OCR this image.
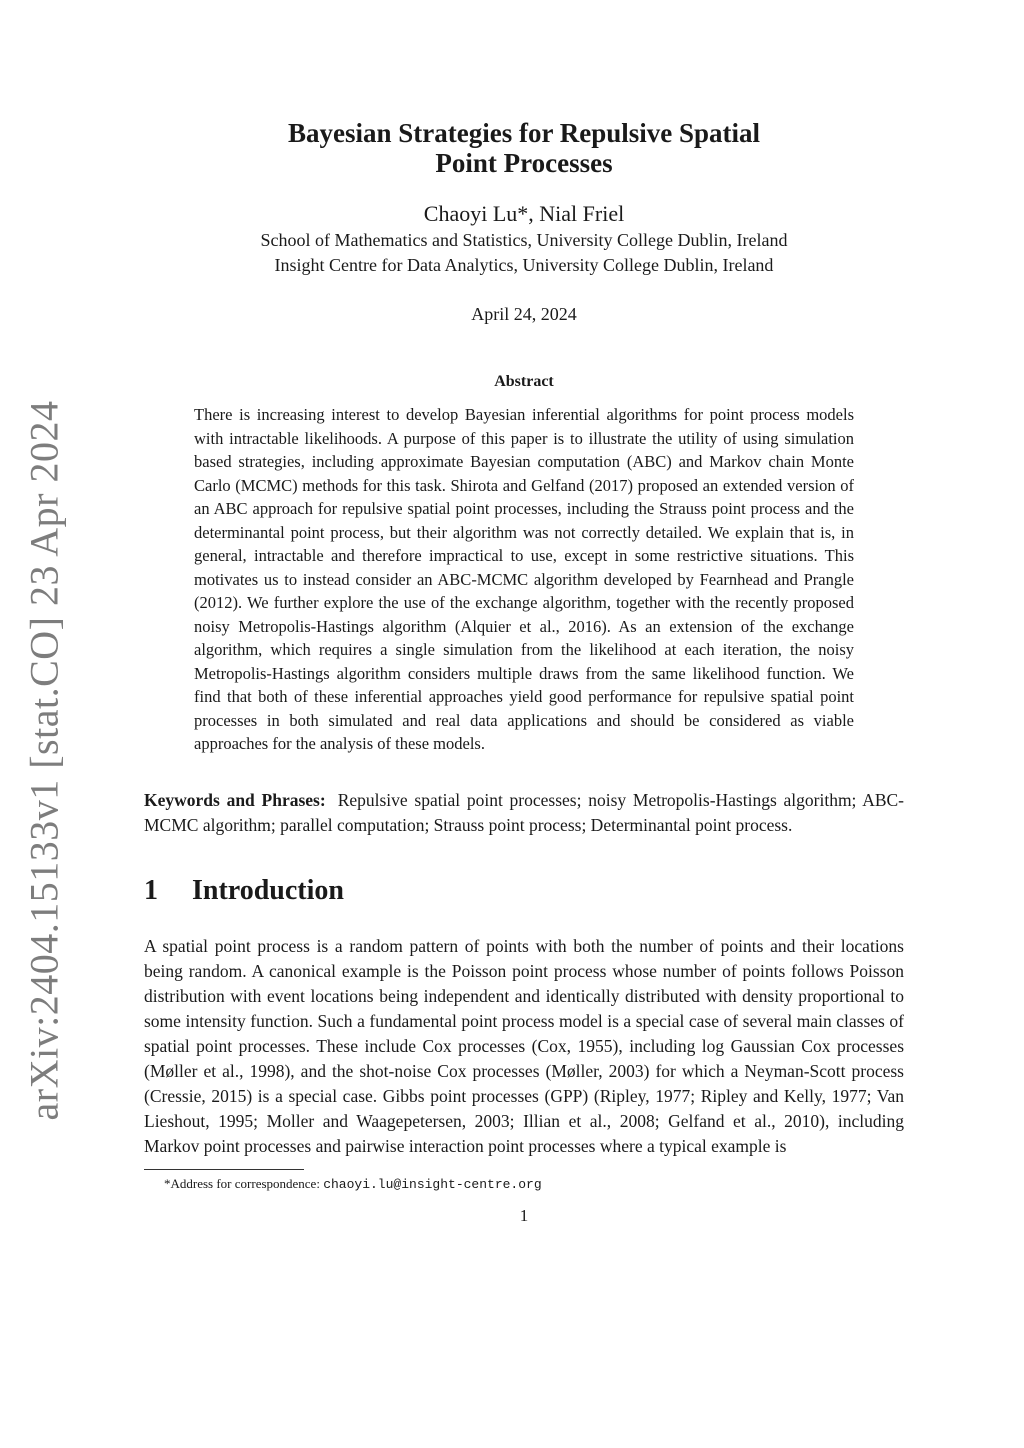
arXiv:2404.15133v1 [stat.CO] 23 Apr 2024
Bayesian Strategies for Repulsive Spatial
Point Processes
Chaoyi Lu*, Nial Friel
School of Mathematics and Statistics, University College Dublin, Ireland
Insight Centre for Data Analytics, University College Dublin, Ireland
April 24, 2024
Abstract
There is increasing interest to develop Bayesian inferential algorithms for point process models with intractable likelihoods. A purpose of this paper is to illustrate the utility of using simulation based strategies, including approximate Bayesian computation (ABC) and Markov chain Monte Carlo (MCMC) methods for this task. Shirota and Gelfand (2017) proposed an extended version of an ABC approach for repulsive spatial point processes, including the Strauss point process and the determinantal point process, but their algorithm was not correctly detailed. We explain that is, in general, intractable and therefore impractical to use, except in some restrictive situations. This motivates us to instead consider an ABC-MCMC algorithm developed by Fearnhead and Prangle (2012). We further explore the use of the exchange algorithm, together with the recently proposed noisy Metropolis-Hastings algorithm (Alquier et al., 2016). As an extension of the exchange algorithm, which requires a single simulation from the likelihood at each iteration, the noisy Metropolis-Hastings algorithm considers multiple draws from the same likelihood function. We find that both of these inferential approaches yield good performance for repulsive spatial point processes in both simulated and real data applications and should be considered as viable approaches for the analysis of these models.
Keywords and Phrases: Repulsive spatial point processes; noisy Metropolis-Hastings algorithm; ABC-MCMC algorithm; parallel computation; Strauss point process; Determinantal point process.
1 Introduction
A spatial point process is a random pattern of points with both the number of points and their locations being random. A canonical example is the Poisson point process whose number of points follows Poisson distribution with event locations being independent and identically distributed with density proportional to some intensity function. Such a fundamental point process model is a special case of several main classes of spatial point processes. These include Cox processes (Cox, 1955), including log Gaussian Cox processes (Møller et al., 1998), and the shot-noise Cox processes (Møller, 2003) for which a Neyman-Scott process (Cressie, 2015) is a special case. Gibbs point processes (GPP) (Ripley, 1977; Ripley and Kelly, 1977; Van Lieshout, 1995; Moller and Waagepetersen, 2003; Illian et al., 2008; Gelfand et al., 2010), including Markov point processes and pairwise interaction point processes where a typical example is
*Address for correspondence: chaoyi.lu@insight-centre.org
1
